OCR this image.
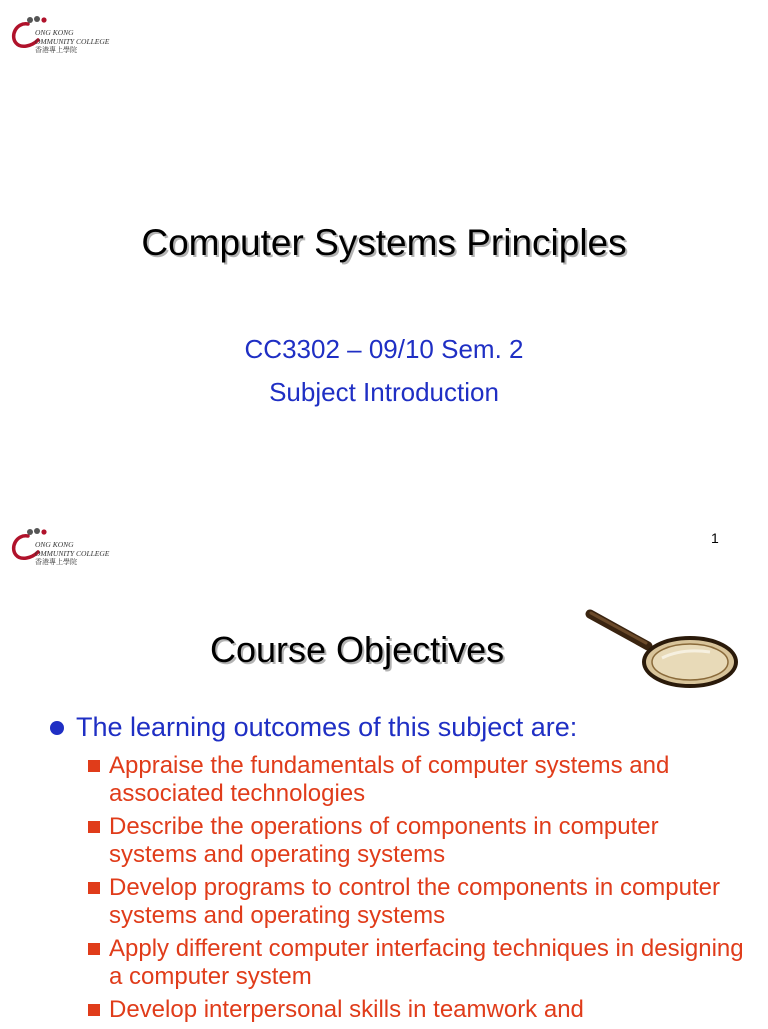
ONG KONG
OMMUNITY COLLEGE
香港專上學院
Computer Systems Principles
CC3302 – 09/10 Sem. 2
Subject Introduction
ONG KONG
OMMUNITY COLLEGE
香港專上學院
1
Course Objectives
The learning outcomes of this subject are:
Appraise the fundamentals of computer systems and associated technologies
Describe the operations of components in computer systems and operating systems
Develop programs to control the components in computer systems and operating systems
Apply different computer interfacing techniques in designing a computer system
Develop interpersonal skills in teamwork and
